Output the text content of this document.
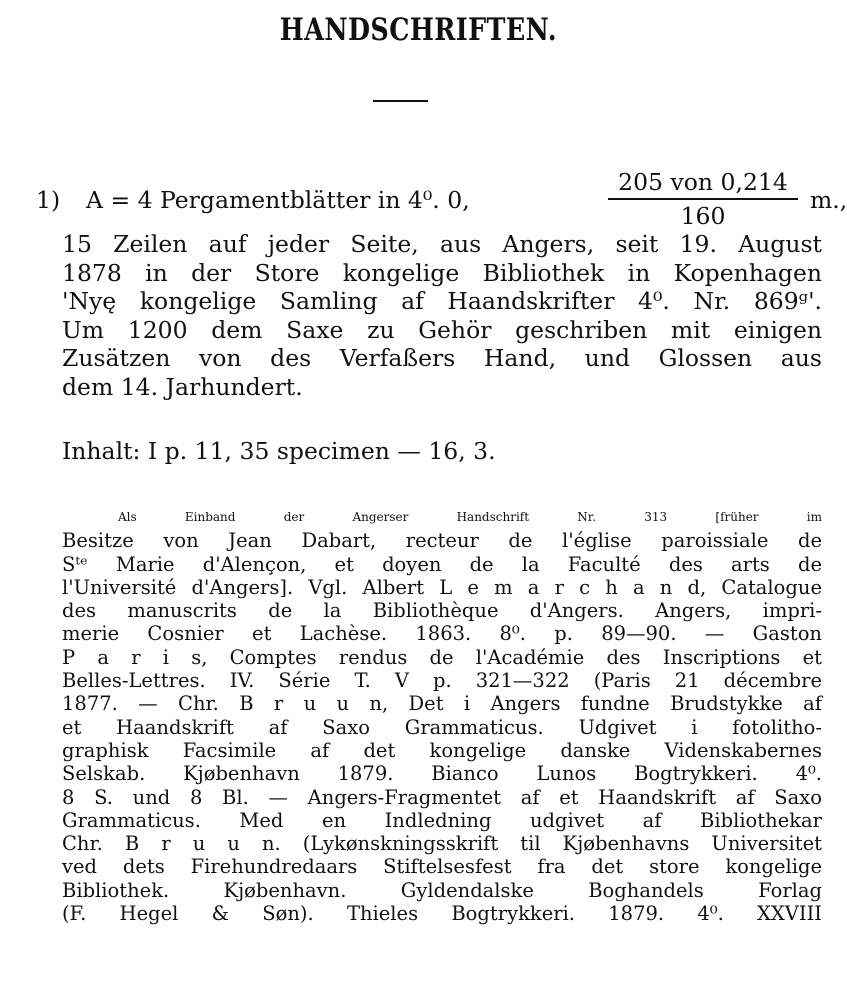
HANDSCHRIFTEN.
1) A = 4 Pergamentblätter in 4⁰. 0,
205 von 0,214
160
m.,

15 Zeilen auf jeder Seite, aus Angers, seit 19. August

1878 in der Store kongelige Bibliothek in Kopenhagen

'Nyę kongelige Samling af Haandskrifter 4⁰. Nr. 869ᵍ'.

Um 1200 dem Saxe zu Gehör geschriben mit einigen

Zusätzen von des Verfaßers Hand, und Glossen aus

dem 14. Jarhundert.

Inhalt: I p. 11, 35 specimen — 16, 3.

Als Einband der Angerser Handschrift Nr. 313 [früher im

Besitze von Jean Dabart, recteur de l'église paroissiale de

Sᵗᵉ Marie d'Alençon, et doyen de la Faculté des arts de

l'Université d'Angers]. Vgl. Albert L e m a r c h a n d, Catalogue

des manuscrits de la Bibliothèque d'Angers. Angers, impri-

merie Cosnier et Lachèse. 1863. 8⁰. p. 89—90. — Gaston

P a r i s, Comptes rendus de l'Académie des Inscriptions et

Belles-Lettres. IV. Série T. V p. 321—322 (Paris 21 décembre

1877. — Chr. B r u u n, Det i Angers fundne Brudstykke af

et Haandskrift af Saxo Grammaticus. Udgivet i fotolitho-

graphisk Facsimile af det kongelige danske Videnskabernes

Selskab. Kjøbenhavn 1879. Bianco Lunos Bogtrykkeri. 4⁰.

8 S. und 8 Bl. — Angers-Fragmentet af et Haandskrift af Saxo

Grammaticus. Med en Indledning udgivet af Bibliothekar

Chr. B r u u n. (Lykønskningsskrift til Kjøbenhavns Universitet

ved dets Firehundredaars Stiftelsesfest fra det store kongelige

Bibliothek. Kjøbenhavn. Gyldendalske Boghandels Forlag

(F. Hegel & Søn). Thieles Bogtrykkeri. 1879. 4⁰. XXVIII
